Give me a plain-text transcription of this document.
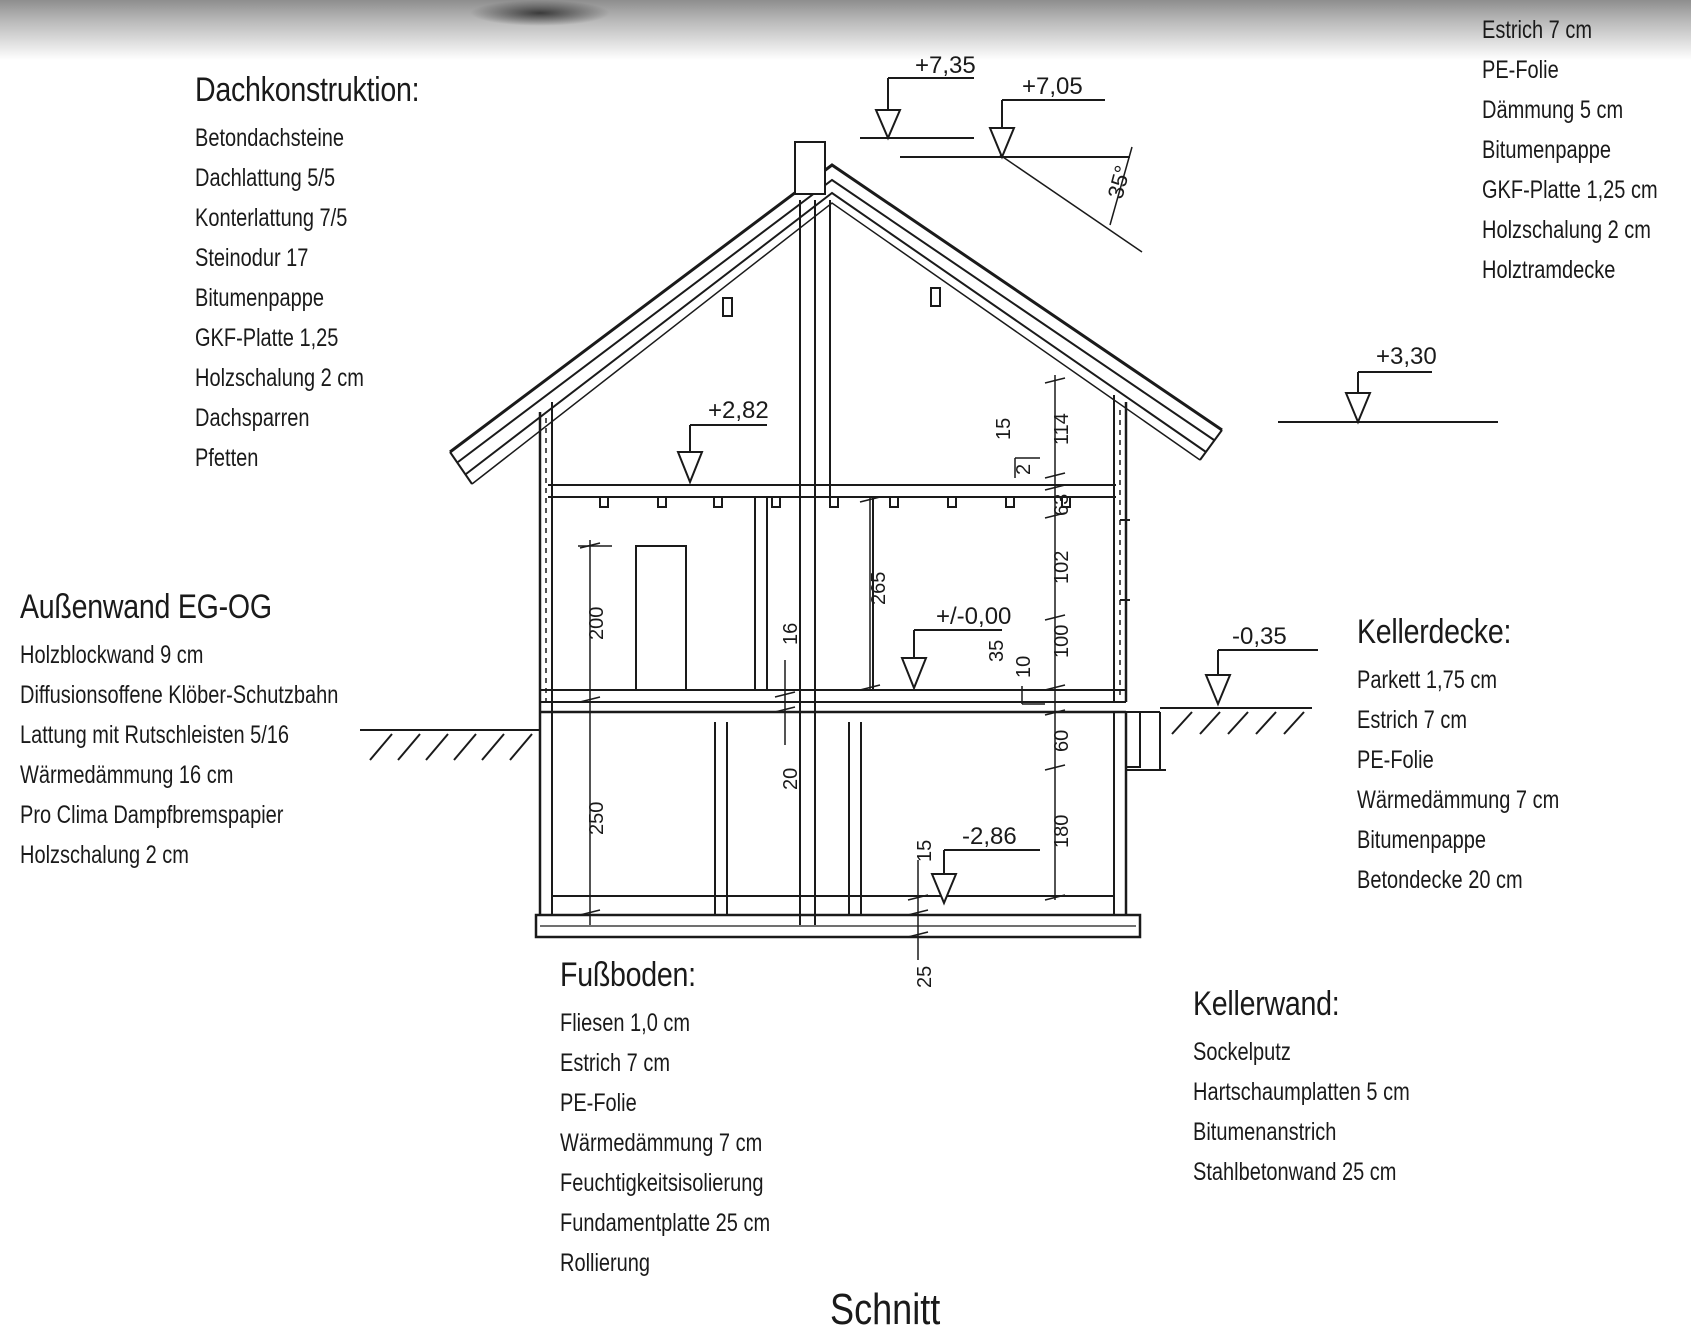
Estrich 7 cm
PE-Folie
Dämmung 5 cm
Bitumenpappe
GKF-Platte 1,25 cm
Holzschalung 2 cm
Holztramdecke
Dachkonstruktion:
Betondachsteine
Dachlattung 5/5
Konterlattung 7/5
Steinodur 17
Bitumenpappe
GKF-Platte 1,25
Holzschalung 2 cm
Dachsparren
Pfetten
Außenwand EG-OG
Holzblockwand 9 cm
Diffusionsoffene Klöber-Schutzbahn
Lattung mit Rutschleisten 5/16
Wärmedämmung 16 cm
Pro Clima Dampfbremspapier
Holzschalung 2 cm
Kellerdecke:
Parkett 1,75 cm
Estrich 7 cm
PE-Folie
Wärmedämmung 7 cm
Bitumenpappe
Betondecke 20 cm
Fußboden:
Fliesen 1,0 cm
Estrich 7 cm
PE-Folie
Wärmedämmung 7 cm
Feuchtigkeitsisolierung
Fundamentplatte 25 cm
Rollierung
Kellerwand:
Sockelputz
Hartschaumplatten 5 cm
Bitumenanstrich
Stahlbetonwand 25 cm
+7,35
+7,05
35°
+3,30
+2,82
+/-0,00
-0,35
-2,86
114
15
2
63
102
100
35
10
60
180
200
250
16
20
265
15
25
Schnitt
